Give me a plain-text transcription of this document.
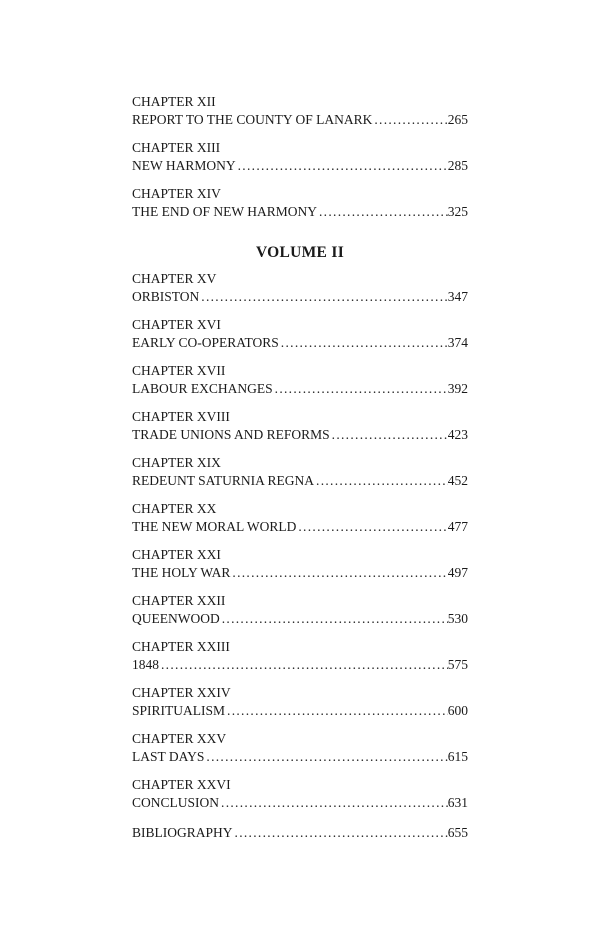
CHAPTER XII
REPORT TO THE COUNTY OF LANARK .....	265
CHAPTER XIII
NEW HARMONY .....	285
CHAPTER XIV
THE END OF NEW HARMONY .....	325
VOLUME II
CHAPTER XV
ORBISTON .....	347
CHAPTER XVI
EARLY CO-OPERATORS .....	374
CHAPTER XVII
LABOUR EXCHANGES .....	392
CHAPTER XVIII
TRADE UNIONS AND REFORMS .....	423
CHAPTER XIX
REDEUNT SATURNIA REGNA .....	452
CHAPTER XX
THE NEW MORAL WORLD .....	477
CHAPTER XXI
THE HOLY WAR .....	497
CHAPTER XXII
QUEENWOOD .....	530
CHAPTER XXIII
1848 .....	575
CHAPTER XXIV
SPIRITUALISM .....	600
CHAPTER XXV
LAST DAYS .....	615
CHAPTER XXVI
CONCLUSION .....	631
BIBLIOGRAPHY .....	655
